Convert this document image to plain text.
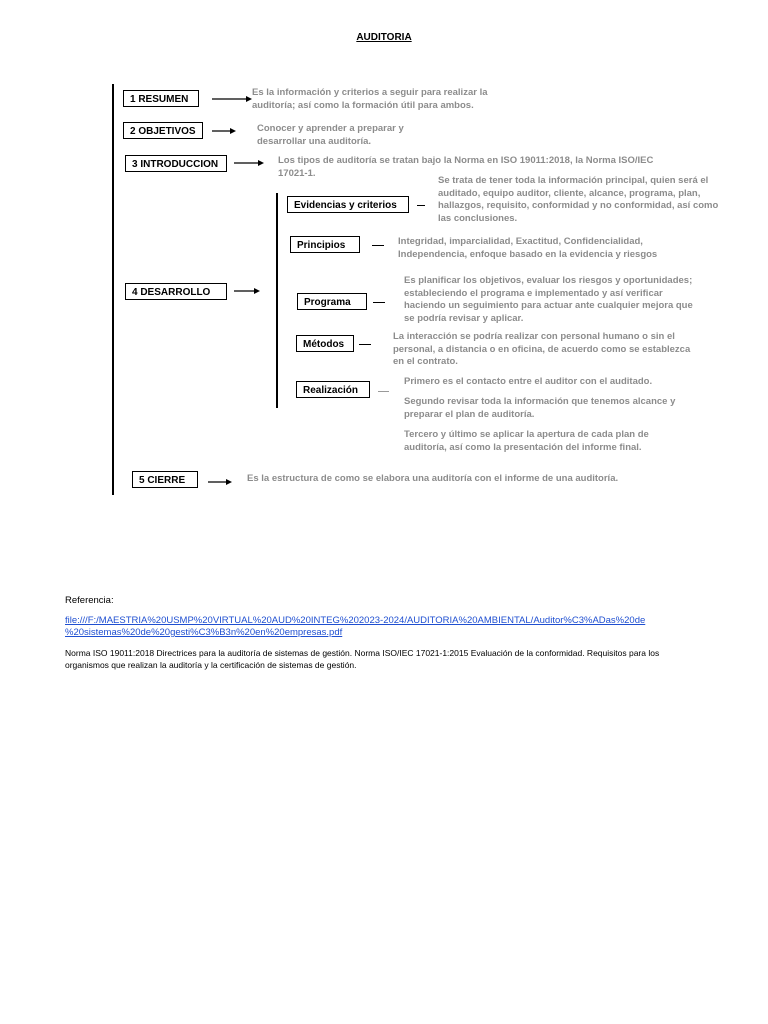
AUDITORIA
1 RESUMEN
Es la información y criterios a seguir para realizar la auditoría; así como la formación útil para ambos.
2 OBJETIVOS	Conocer y aprender a preparar y desarrollar una auditoría.
3 INTRODUCCION	Los tipos de auditoría se tratan bajo la Norma en ISO 19011:2018, la Norma ISO/IEC 17021-1.
4 DESARROLLO
Evidencias y criterios
Se trata de tener toda la información principal, quien será el auditado, equipo auditor, cliente, alcance, programa, plan, hallazgos, requisito, conformidad y no conformidad, así como las conclusiones.
Principios	Integridad, imparcialidad, Exactitud, Confidencialidad, Independencia, enfoque basado en la evidencia y riesgos
Programa
Es planificar los objetivos, evaluar los riesgos y oportunidades; estableciendo el programa e implementado y así verificar haciendo un seguimiento para actuar ante cualquier mejora que se podría revisar y aplicar.
Métodos
La interacción se podría realizar con personal humano o sin el personal, a distancia o en oficina, de acuerdo como se establezca en el contrato.
Realización
Primero es el contacto entre el auditor con el auditado.
Segundo revisar toda la información que tenemos alcance y preparar el plan de auditoría.
Tercero y último se aplicar la apertura de cada plan de auditoría, así como la presentación del informe final.
5 CIERRE	Es la estructura de como se elabora una auditoría con el informe de una auditoría.
Referencia:
file:///F:/MAESTRIA%20USMP%20VIRTUAL%20AUD%20INTEG%202023-2024/AUDITORIA%20AMBIENTAL/Auditor%C3%ADas%20de
%20sistemas%20de%20gesti%C3%B3n%20en%20empresas.pdf
Norma ISO 19011:2018 Directrices para la auditoría de sistemas de gestión. Norma ISO/IEC 17021-1:2015 Evaluación de la conformidad. Requisitos para los organismos que realizan la auditoría y la certificación de sistemas de gestión.
